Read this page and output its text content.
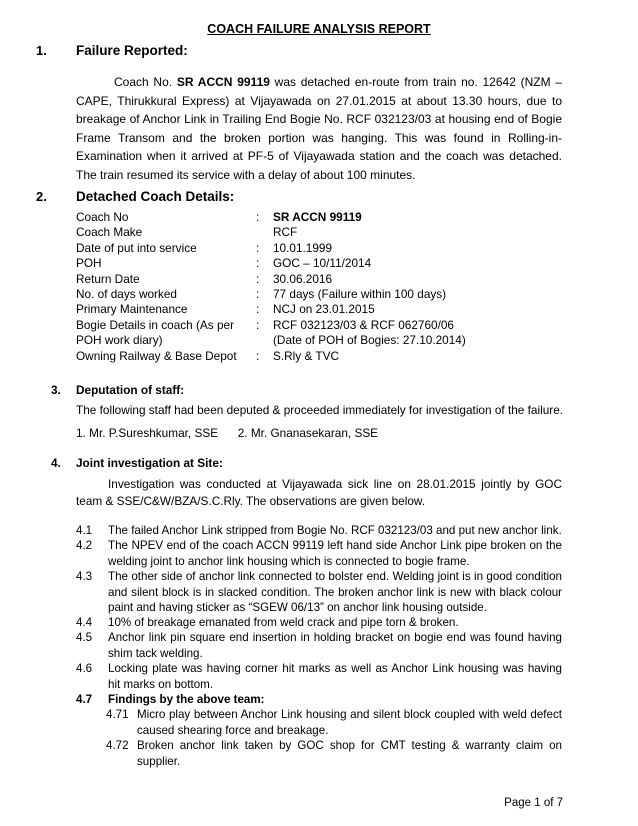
COACH FAILURE ANALYSIS REPORT
1. Failure Reported:

Coach No. SR ACCN 99119 was detached en-route from train no. 12642 (NZM – CAPE, Thirukkural Express) at Vijayawada on 27.01.2015 at about 13.30 hours, due to breakage of Anchor Link in Trailing End Bogie No. RCF 032123/03 at housing end of Bogie Frame Transom and the broken portion was hanging. This was found in Rolling-in-Examination when it arrived at PF-5 of Vijayawada station and the coach was detached. The train resumed its service with a delay of about 100 minutes.

2. Detached Coach Details:
Coach No	:	SR ACCN 99119
Coach Make	RCF
Date of put into service	:	10.01.1999
POH	:	GOC – 10/11/2014
Return Date	:	30.06.2016
No. of days worked	:	77 days (Failure within 100 days)
Primary Maintenance	:	NCJ on 23.01.2015
Bogie Details in coach (As per	:	RCF 032123/03 & RCF 062760/06
POH work diary)	(Date of POH of Bogies: 27.10.2014)
Owning Railway & Base Depot	:	S.Rly & TVC
3. Deputation of staff:
The following staff had been deputed & proceeded immediately for investigation of the failure.
1. Mr. P.Sureshkumar, SSE      2. Mr. Gnanasekaran, SSE
4. Joint investigation at Site:
Investigation was conducted at Vijayawada sick line on 28.01.2015 jointly by GOC team & SSE/C&W/BZA/S.C.Rly. The observations are given below.
4.1	The failed Anchor Link stripped from Bogie No. RCF 032123/03 and put new anchor link.
4.2	The NPEV end of the coach ACCN 99119 left hand side Anchor Link pipe broken on the welding joint to anchor link housing which is connected to bogie frame.
4.3	The other side of anchor link connected to bolster end. Welding joint is in good condition and silent block is in slacked condition. The broken anchor link is new with black colour paint and having sticker as “SGEW 06/13” on anchor link housing outside.
4.4	10% of breakage emanated from weld crack and pipe torn & broken.
4.5	Anchor link pin square end insertion in holding bracket on bogie end was found having shim tack welding.
4.6	Locking plate was having corner hit marks as well as Anchor Link housing was having hit marks on bottom.
4.7	Findings by the above team:
4.71 Micro play between Anchor Link housing and silent block coupled with weld defect caused shearing force and breakage.
4.72 Broken anchor link taken by GOC shop for CMT testing & warranty claim on supplier.
Page 1 of 7
